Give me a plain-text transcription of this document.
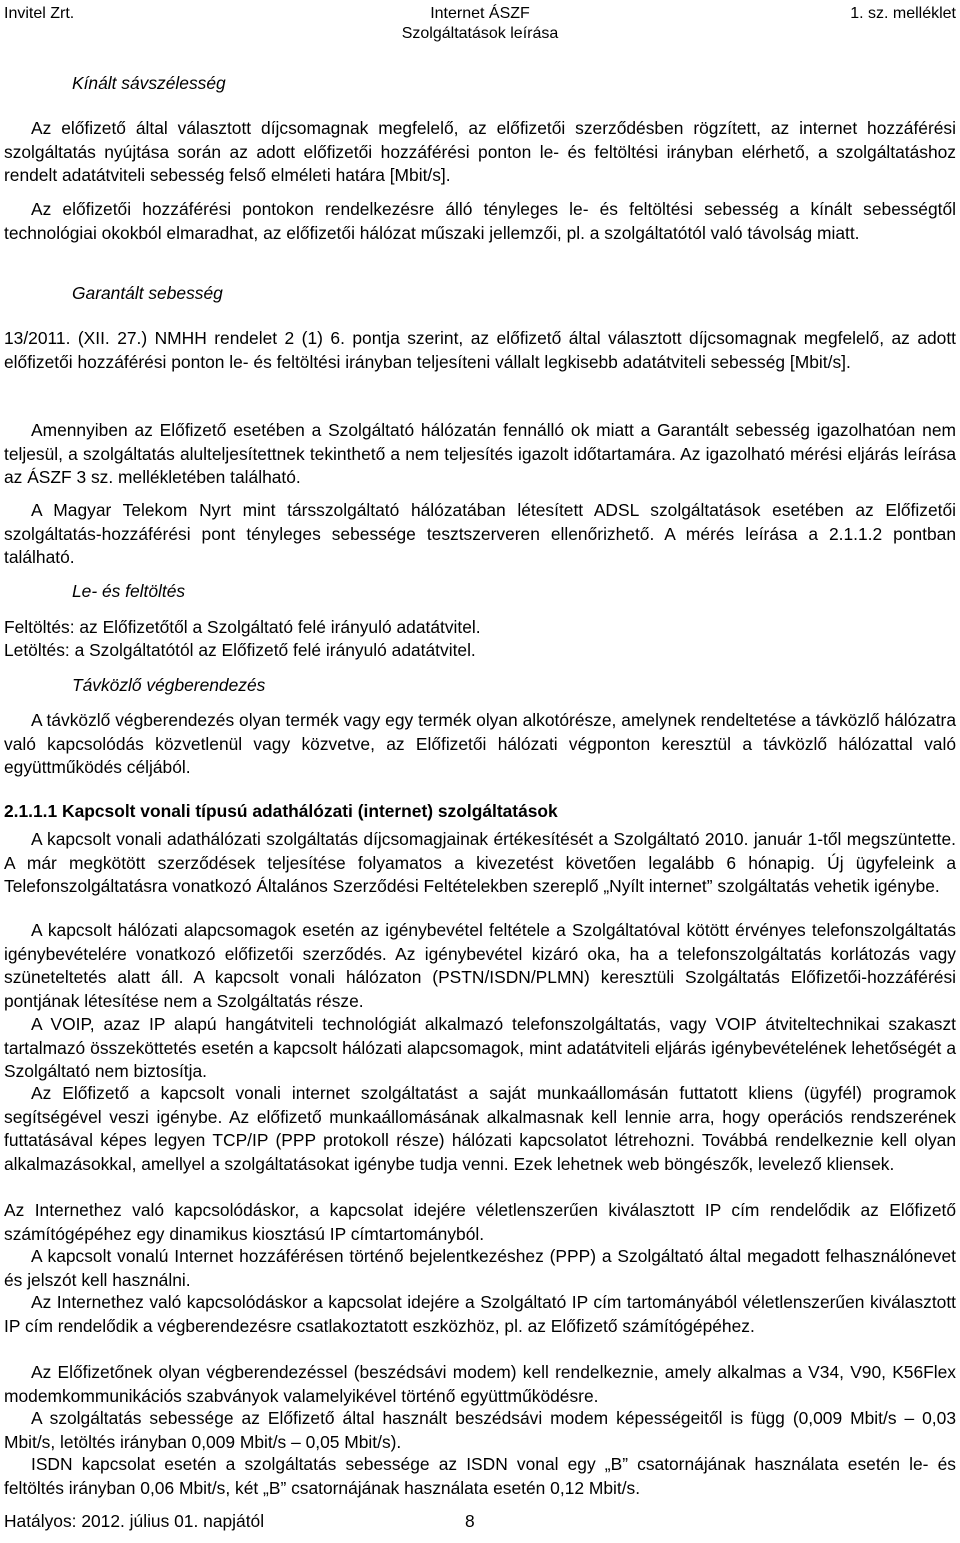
Invitel Zrt.	Internet ÁSZF
Szolgáltatások leírása
1. sz. melléklet
Kínált sávszélesség

Az előfizető által választott díjcsomagnak megfelelő, az előfizetői szerződésben rögzített, az internet hozzáférési szolgáltatás nyújtása során az adott előfizetői hozzáférési ponton le- és feltöltési irányban elérhető, a szolgáltatáshoz rendelt adatátviteli sebesség felső elméleti határa [Mbit/s].

Az előfizetői hozzáférési pontokon rendelkezésre álló tényleges le- és feltöltési sebesség a kínált sebességtől technológiai okokból elmaradhat, az előfizetői hálózat műszaki jellemzői, pl. a szolgáltatótól való távolság miatt.

Garantált sebesség

13/2011. (XII. 27.) NMHH rendelet 2 (1) 6. pontja szerint, az előfizető által választott díjcsomagnak megfelelő, az adott előfizetői hozzáférési ponton le- és feltöltési irányban teljesíteni vállalt legkisebb adatátviteli sebesség [Mbit/s].

Amennyiben az Előfizető esetében a Szolgáltató hálózatán fennálló ok miatt a Garantált sebesség igazolhatóan nem teljesül, a szolgáltatás alulteljesítettnek tekinthető a nem teljesítés igazolt időtartamára. Az igazolható mérési eljárás leírása az ÁSZF 3 sz. mellékletében található.

A Magyar Telekom Nyrt mint társszolgáltató hálózatában létesített ADSL szolgáltatások esetében az Előfizetői szolgáltatás-hozzáférési pont tényleges sebessége tesztszerveren ellenőrizhető. A mérés leírása a 2.1.1.2 pontban található.

Le- és feltöltés
Feltöltés: az Előfizetőtől a Szolgáltató felé irányuló adatátvitel.
Letöltés: a Szolgáltatótól az Előfizető felé irányuló adatátvitel.
Távközlő végberendezés

A távközlő végberendezés olyan termék vagy egy termék olyan alkotórésze, amelynek rendeltetése a távközlő hálózatra való kapcsolódás közvetlenül vagy közvetve, az Előfizetői hálózati végponton keresztül a távközlő hálózattal való együttműködés céljából.

2.1.1.1 Kapcsolt vonali típusú adathálózati (internet) szolgáltatások

A kapcsolt vonali adathálózati szolgáltatás díjcsomagjainak értékesítését a Szolgáltató 2010. január 1-től megszüntette. A már megkötött szerződések teljesítése folyamatos a kivezetést követően legalább 6 hónapig. Új ügyfeleink a Telefonszolgáltatásra vonatkozó Általános Szerződési Feltételekben szereplő „Nyílt internet” szolgáltatás vehetik igénybe.

A kapcsolt hálózati alapcsomagok esetén az igénybevétel feltétele a Szolgáltatóval kötött érvényes telefonszolgáltatás igénybevételére vonatkozó előfizetői szerződés. Az igénybevétel kizáró oka, ha a telefonszolgáltatás korlátozás vagy szüneteltetés alatt áll. A kapcsolt vonali hálózaton (PSTN/ISDN/PLMN) keresztüli Szolgáltatás Előfizetői-hozzáférési pontjának létesítése nem a Szolgáltatás része.

A VOIP, azaz IP alapú hangátviteli technológiát alkalmazó telefonszolgáltatás, vagy VOIP átviteltechnikai szakaszt tartalmazó összeköttetés esetén a kapcsolt hálózati alapcsomagok, mint adatátviteli eljárás igénybevételének lehetőségét a Szolgáltató nem biztosítja.

Az Előfizető a kapcsolt vonali internet szolgáltatást a saját munkaállomásán futtatott kliens (ügyfél) programok segítségével veszi igénybe. Az előfizető munkaállomásának alkalmasnak kell lennie arra, hogy operációs rendszerének futtatásával képes legyen TCP/IP (PPP protokoll része) hálózati kapcsolatot létrehozni. Továbbá rendelkeznie kell olyan alkalmazásokkal, amellyel a szolgáltatásokat igénybe tudja venni. Ezek lehetnek web böngészők, levelező kliensek.

Az Internethez való kapcsolódáskor, a kapcsolat idejére véletlenszerűen kiválasztott IP cím rendelődik az Előfizető számítógépéhez egy dinamikus kiosztású IP címtartományból.

A kapcsolt vonalú Internet hozzáférésen történő bejelentkezéshez (PPP) a Szolgáltató által megadott felhasználónevet és jelszót kell használni.

Az Internethez való kapcsolódáskor a kapcsolat idejére a Szolgáltató IP cím tartományából véletlenszerűen kiválasztott IP cím rendelődik a végberendezésre csatlakoztatott eszközhöz, pl. az Előfizető számítógépéhez.

Az Előfizetőnek olyan végberendezéssel (beszédsávi modem) kell rendelkeznie, amely alkalmas a V34, V90, K56Flex modemkommunikációs szabványok valamelyikével történő együttműködésre.

A szolgáltatás sebessége az Előfizető által használt beszédsávi modem képességeitől is függ (0,009 Mbit/s – 0,03 Mbit/s, letöltés irányban 0,009 Mbit/s – 0,05 Mbit/s).

ISDN kapcsolat esetén a szolgáltatás sebessége az ISDN vonal egy „B” csatornájának használata esetén le- és feltöltés irányban 0,06 Mbit/s, két „B” csatornájának használata esetén 0,12 Mbit/s.

Hatályos: 2012. július 01. napjától	8
